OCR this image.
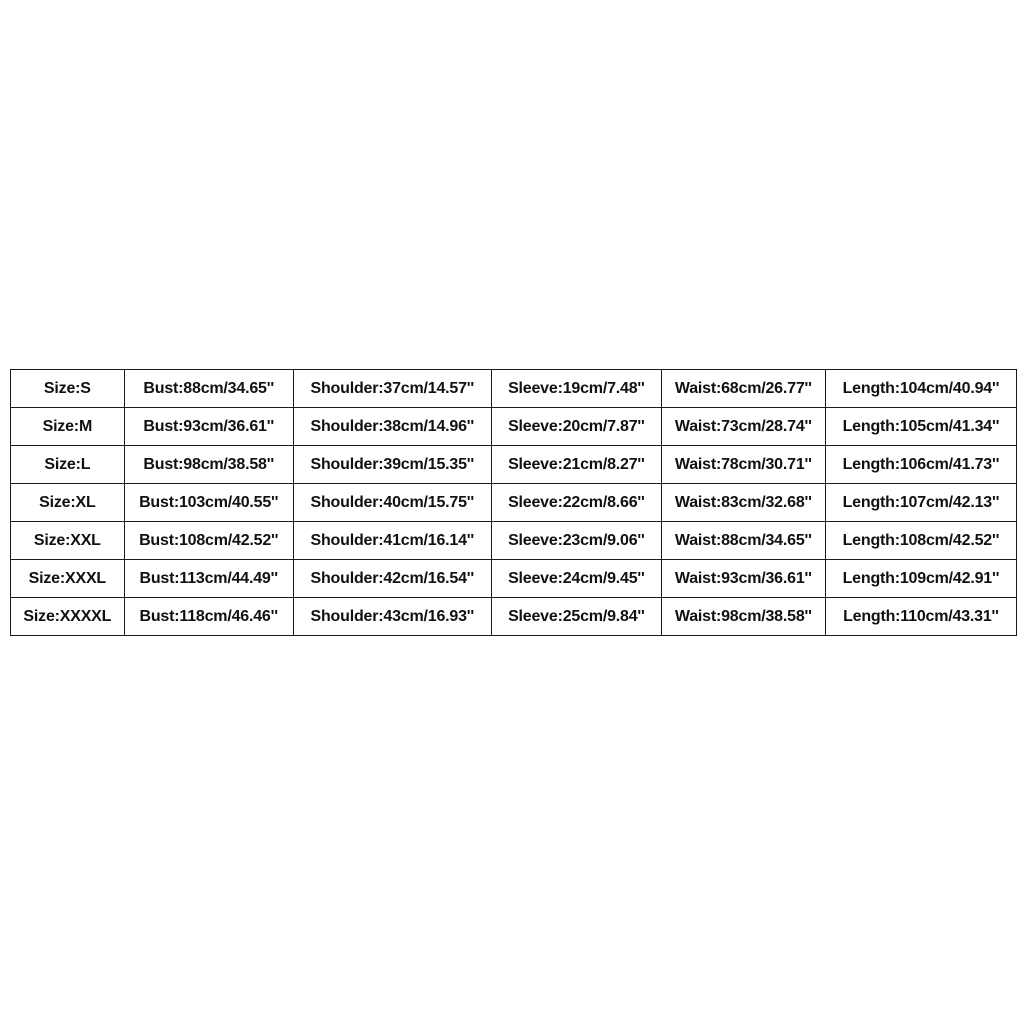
Size:S	Bust:88cm/34.65''	Shoulder:37cm/14.57''	Sleeve:19cm/7.48''	Waist:68cm/26.77''	Length:104cm/40.94''
Size:M	Bust:93cm/36.61''	Shoulder:38cm/14.96''	Sleeve:20cm/7.87''	Waist:73cm/28.74''	Length:105cm/41.34''
Size:L	Bust:98cm/38.58''	Shoulder:39cm/15.35''	Sleeve:21cm/8.27''	Waist:78cm/30.71''	Length:106cm/41.73''
Size:XL	Bust:103cm/40.55''	Shoulder:40cm/15.75''	Sleeve:22cm/8.66''	Waist:83cm/32.68''	Length:107cm/42.13''
Size:XXL	Bust:108cm/42.52''	Shoulder:41cm/16.14''	Sleeve:23cm/9.06''	Waist:88cm/34.65''	Length:108cm/42.52''
Size:XXXL	Bust:113cm/44.49''	Shoulder:42cm/16.54''	Sleeve:24cm/9.45''	Waist:93cm/36.61''	Length:109cm/42.91''
Size:XXXXL	Bust:118cm/46.46''	Shoulder:43cm/16.93''	Sleeve:25cm/9.84''	Waist:98cm/38.58''	Length:110cm/43.31''
